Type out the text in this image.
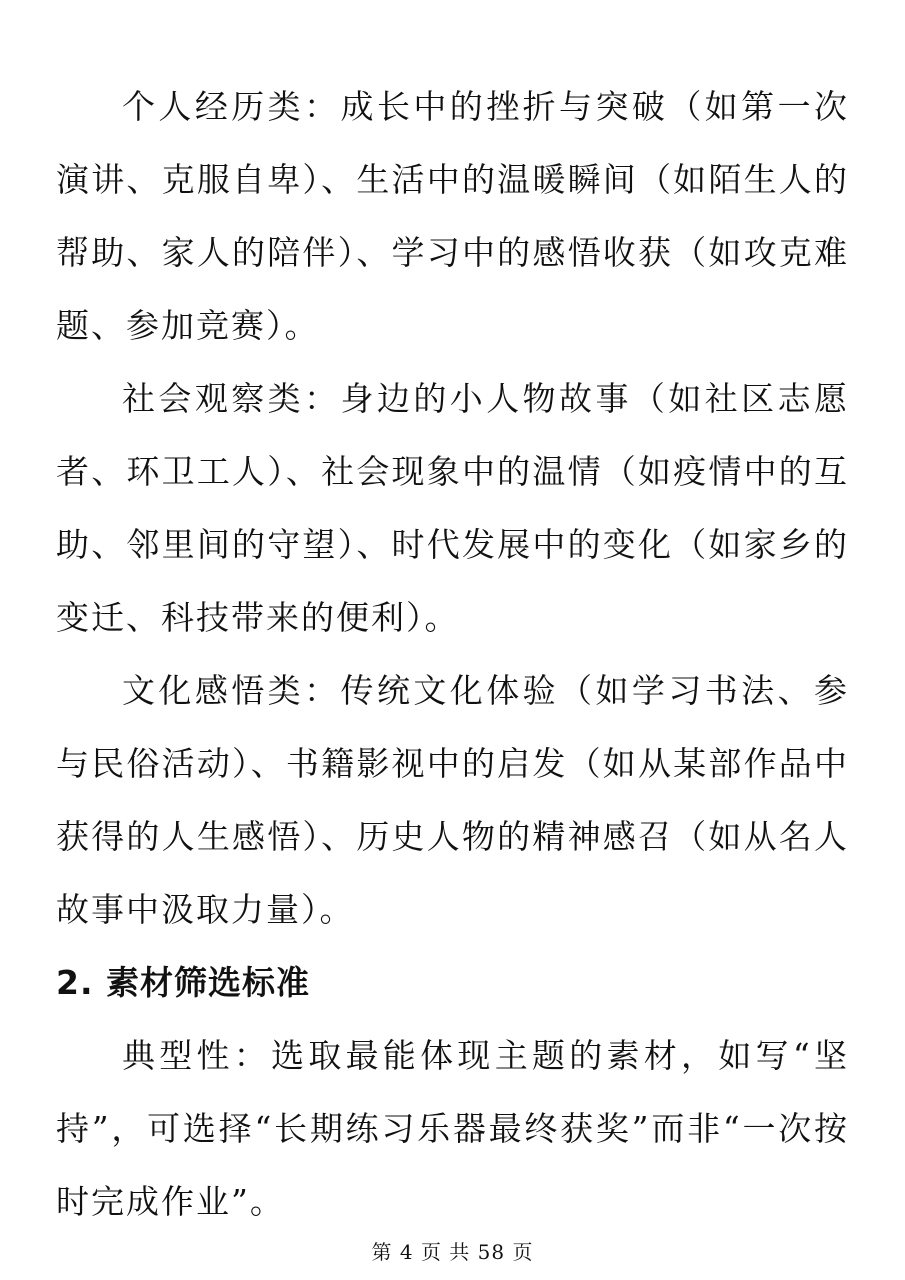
个人经历类：成长中的挫折与突破（如第一次演讲、克服自卑）、生活中的温暖瞬间（如陌生人的帮助、家人的陪伴）、学习中的感悟收获（如攻克难题、参加竞赛）。

社会观察类：身边的小人物故事（如社区志愿者、环卫工人）、社会现象中的温情（如疫情中的互助、邻里间的守望）、时代发展中的变化（如家乡的变迁、科技带来的便利）。

文化感悟类：传统文化体验（如学习书法、参与民俗活动）、书籍影视中的启发（如从某部作品中获得的人生感悟）、历史人物的精神感召（如从名人故事中汲取力量）。

2. 素材筛选标准

典型性：选取最能体现主题的素材，如写“坚持”，可选择“长期练习乐器最终获奖”而非“一次按时完成作业”。

第 4 页 共 58 页
